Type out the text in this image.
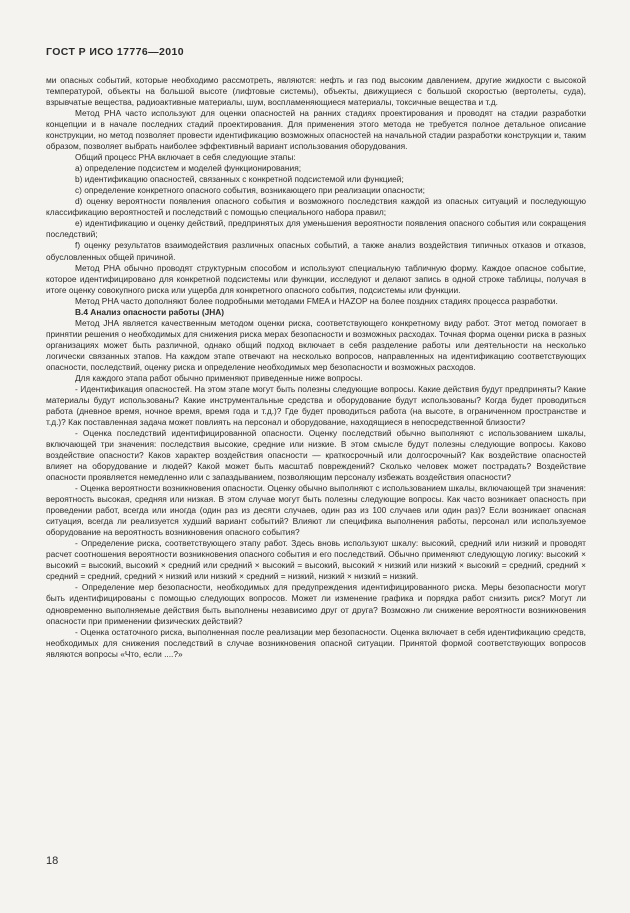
ГОСТ Р ИСО 17776—2010

ми опасных событий, которые необходимо рассмотреть, являются: нефть и газ под высоким давлением, другие жидкости с высокой температурой, объекты на большой высоте (лифтовые системы), объекты, движущиеся с большой скоростью (вертолеты, суда), взрывчатые вещества, радиоактивные материалы, шум, воспламеняющиеся материалы, токсичные вещества и т.д.

Метод PHA часто используют для оценки опасностей на ранних стадиях проектирования и проводят на стадии разработки концепции и в начале последних стадий проектирования. Для применения этого метода не требуется полное детальное описание конструкции, но метод позволяет провести идентификацию возможных опасностей на начальной стадии разработки конструкции и, таким образом, позволяет выбрать наиболее эффективный вариант использования оборудования.

Общий процесс PHA включает в себя следующие этапы:

a) определение подсистем и моделей функционирования;

b) идентификацию опасностей, связанных с конкретной подсистемой или функцией;

c) определение конкретного опасного события, возникающего при реализации опасности;

d) оценку вероятности появления опасного события и возможного последствия каждой из опасных ситуаций и последующую классификацию вероятностей и последствий с помощью специального набора правил;

e) идентификацию и оценку действий, предпринятых для уменьшения вероятности появления опасного события или сокращения последствий;

f) оценку результатов взаимодействия различных опасных событий, а также анализ воздействия типичных отказов и отказов, обусловленных общей причиной.

Метод PHA обычно проводят структурным способом и используют специальную табличную форму. Каждое опасное событие, которое идентифицировано для конкретной подсистемы или функции, исследуют и делают запись в одной строке таблицы, получая в итоге оценку совокупного риска или ущерба для конкретного опасного события, подсистемы или функции.

Метод PHA часто дополняют более подробными методами FMEA и HAZOP на более поздних стадиях процесса разработки.

B.4 Анализ опасности работы (JHA)

Метод JHA является качественным методом оценки риска, соответствующего конкретному виду работ. Этот метод помогает в принятии решения о необходимых для снижения риска мерах безопасности и возможных расходах. Точная форма оценки риска в разных организациях может быть различной, однако общий подход включает в себя разделение работы или деятельности на несколько логически связанных этапов. На каждом этапе отвечают на несколько вопросов, направленных на идентификацию соответствующих опасности, последствий, оценку риска и определение необходимых мер безопасности и возможных расходов.

Для каждого этапа работ обычно применяют приведенные ниже вопросы.

- Идентификация опасностей. На этом этапе могут быть полезны следующие вопросы. Какие действия будут предприняты? Какие материалы будут использованы? Какие инструментальные средства и оборудование будут использованы? Когда будет проводиться работа (дневное время, ночное время, время года и т.д.)? Где будет проводиться работа (на высоте, в ограниченном пространстве и т.д.)? Как поставленная задача может повлиять на персонал и оборудование, находящиеся в непосредственной близости?

- Оценка последствий идентифицированной опасности. Оценку последствий обычно выполняют с использованием шкалы, включающей три значения: последствия высокие, средние или низкие. В этом смысле будут полезны следующие вопросы. Каково воздействие опасности? Каков характер воздействия опасности — краткосрочный или долгосрочный? Как воздействие опасностей влияет на оборудование и людей? Какой может быть масштаб повреждений? Сколько человек может пострадать? Воздействие опасности проявляется немедленно или с запаздыванием, позволяющим персоналу избежать воздействия опасности?

- Оценка вероятности возникновения опасности. Оценку обычно выполняют с использованием шкалы, включающей три значения: вероятность высокая, средняя или низкая. В этом случае могут быть полезны следующие вопросы. Как часто возникает опасность при проведении работ, всегда или иногда (один раз из десяти случаев, один раз из 100 случаев или один раз)? Если возникает опасная ситуация, всегда ли реализуется худший вариант событий? Влияют ли специфика выполнения работы, персонал или используемое оборудование на вероятность возникновения опасного события?

- Определение риска, соответствующего этапу работ. Здесь вновь используют шкалу: высокий, средний или низкий и проводят расчет соотношения вероятности возникновения опасного события и его последствий. Обычно применяют следующую логику: высокий × высокий = высокий, высокий × средний или средний × высокий = высокий, высокий × низкий или низкий × высокий = средний, средний × средний = средний, средний × низкий или низкий × средний = низкий, низкий × низкий = низкий.

- Определение мер безопасности, необходимых для предупреждения идентифицированного риска. Меры безопасности могут быть идентифицированы с помощью следующих вопросов. Может ли изменение графика и порядка работ снизить риск? Могут ли одновременно выполняемые действия быть выполнены независимо друг от друга? Возможно ли снижение вероятности возникновения опасности при применении физических действий?

- Оценка остаточного риска, выполненная после реализации мер безопасности. Оценка включает в себя идентификацию средств, необходимых для снижения последствий в случае возникновения опасной ситуации. Принятой формой соответствующих вопросов являются вопросы «Что, если ....?»

18
